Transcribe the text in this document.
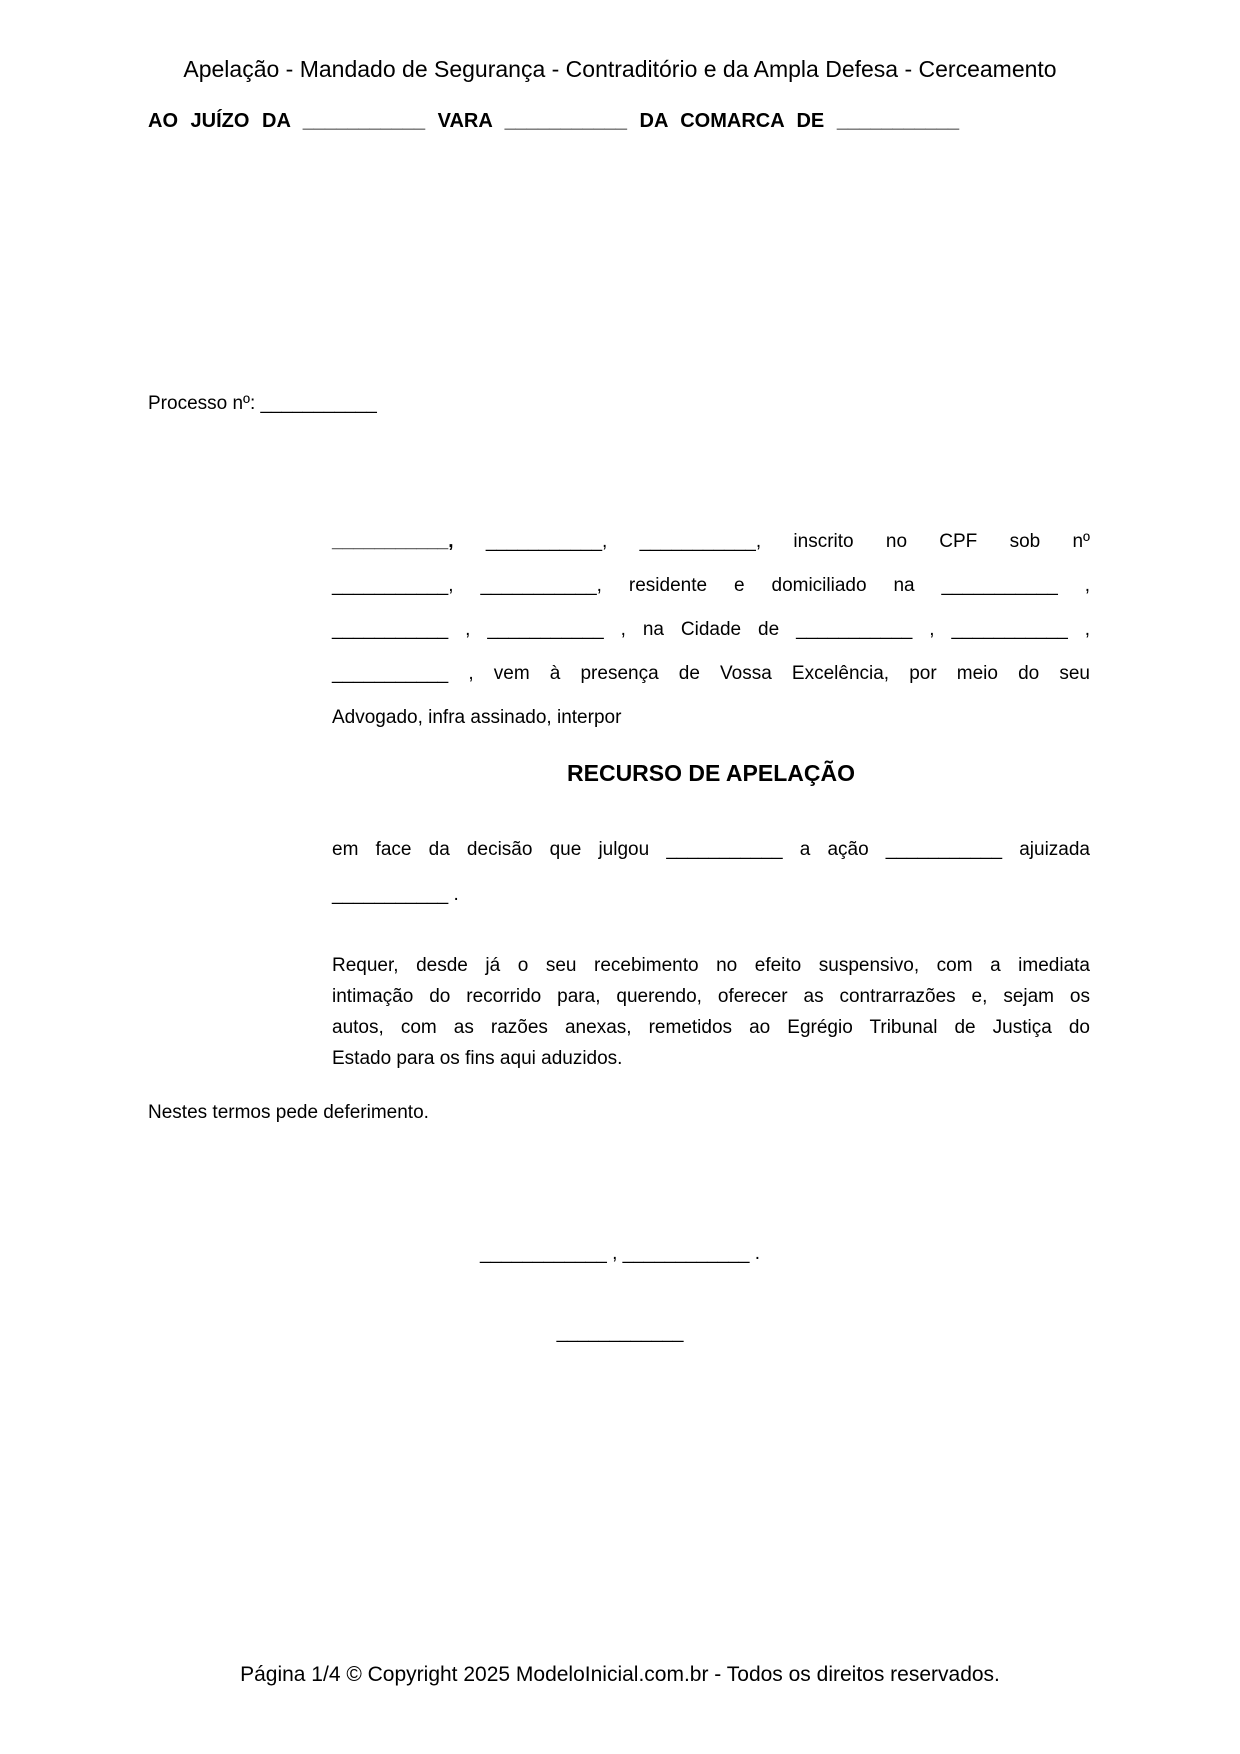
Apelação - Mandado de Segurança - Contraditório e da Ampla Defesa - Cerceamento
AO JUÍZO DA ___________ VARA ___________ DA COMARCA DE ___________
Processo nº: ___________
___________, ___________, ___________, inscrito no CPF sob nº
___________, ___________, residente e domiciliado na ___________ ,
___________ , ___________ , na Cidade de ___________ , ___________ ,
___________ , vem à presença de Vossa Excelência, por meio do seu
Advogado, infra assinado, interpor
RECURSO DE APELAÇÃO
em face da decisão que julgou ___________ a ação ___________ ajuizada
___________ .
Requer, desde já o seu recebimento no efeito suspensivo, com a imediata
intimação do recorrido para, querendo, oferecer as contrarrazões e, sejam os
autos, com as razões anexas, remetidos ao Egrégio Tribunal de Justiça do
Estado para os fins aqui aduzidos.
Nestes termos pede deferimento.
____________ , ____________ .
____________
Página 1/4 © Copyright 2025 ModeloInicial.com.br - Todos os direitos reservados.
